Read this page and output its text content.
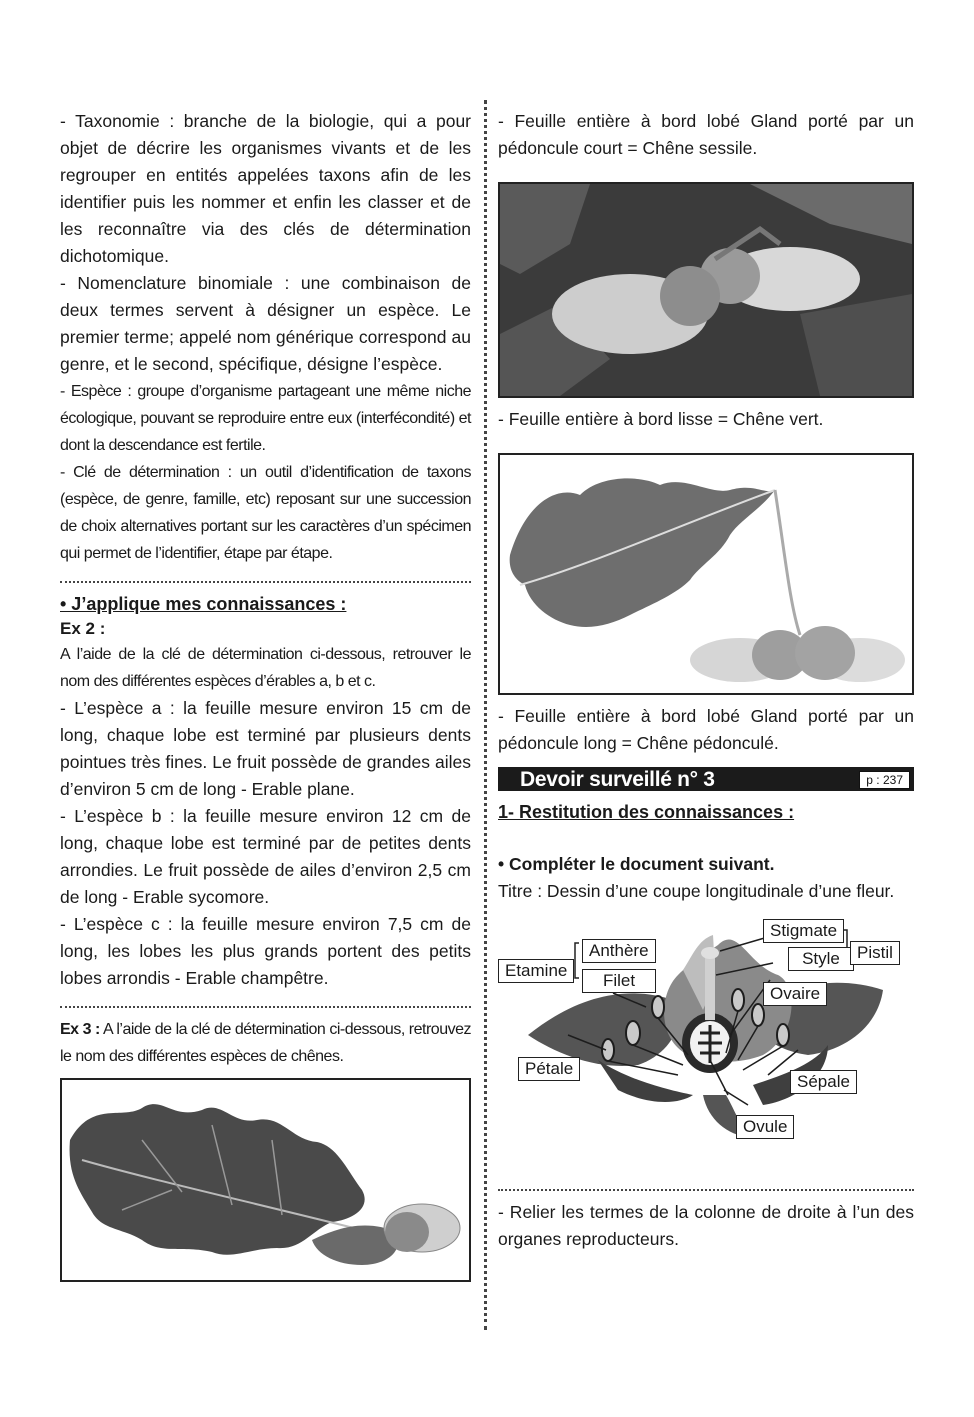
- Taxonomie : branche de la biologie, qui a pour objet de décrire les organismes vivants et de les regrouper en entités appelées taxons afin de les identifier puis les nommer et enfin les classer et de les reconnaître via des clés de détermination dichotomique.

- Nomenclature binomiale : une combinaison de deux termes servent à désigner un espèce. Le premier terme; appelé nom générique correspond au genre, et le second, spécifique, désigne l’espèce.

- Espèce : groupe d’organisme partageant une même niche écologique, pouvant se reproduire entre eux (interfécondité) et dont la descendance est fertile.

- Clé de détermination : un outil d’identification de taxons (espèce, de genre, famille, etc) reposant sur une succession de choix alternatives portant sur les caractères d’un spécimen qui permet de l’identifier, étape par étape.

• J’applique mes connaissances :
Ex 2 :

A l’aide de la clé de détermination ci-dessous, retrouver le nom des différentes espèces d’érables a, b et c.

- L’espèce a : la feuille mesure environ 15 cm de long, chaque lobe est terminé par plusieurs dents pointues très fines. Le fruit possède de grandes ailes d’environ 5 cm de long - Erable plane.

- L’espèce b : la feuille mesure environ 12 cm de long, chaque lobe est terminé par de petites dents arrondies. Le fruit possède de ailes d’environ 2,5 cm de long - Erable sycomore.

- L’espèce c : la feuille mesure environ 7,5 cm de long, les lobes les plus grands portent des petits lobes arrondis - Erable champêtre.

Ex 3 : A l’aide de la clé de détermination ci-dessous, retrouvez le nom des différentes espèces de chênes.

- Feuille entière à bord lobé Gland porté par un pédoncule court = Chêne sessile.

- Feuille entière à bord lisse = Chêne vert.

- Feuille entière à bord lobé Gland porté par un pédoncule long = Chêne pédonculé.

Devoir surveillé n° 3	p : 237
1- Restitution des connaissances :
• Compléter le document suivant.

Titre : Dessin d’une coupe longitudinale d’une fleur.

Stigmate
Anthère	Style	Pistil
Etamine
Filet
Ovaire
Pétale
Sépale
Ovule

- Relier les termes de la colonne de droite à l’un des organes reproducteurs.
